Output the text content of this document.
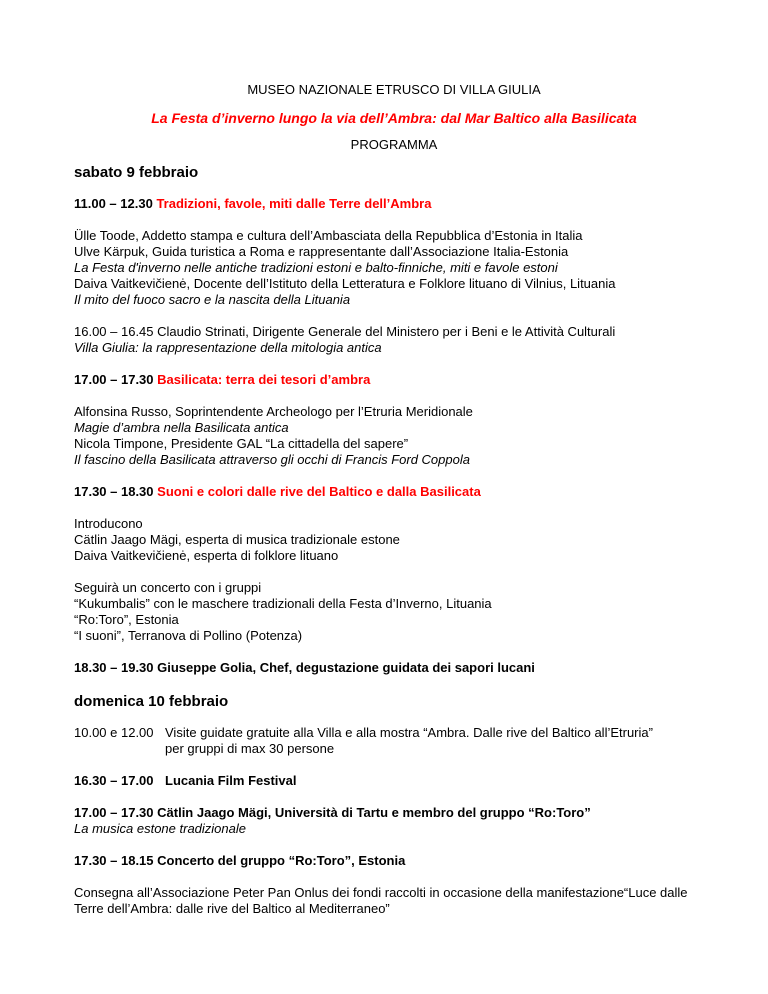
MUSEO NAZIONALE ETRUSCO DI VILLA GIULIA

La Festa d’inverno lungo la via dell’Ambra: dal Mar Baltico alla Basilicata

PROGRAMMA

sabato 9 febbraio

11.00 – 12.30 Tradizioni, favole, miti dalle Terre dell’Ambra

Ülle Toode, Addetto stampa e cultura dell’Ambasciata della Repubblica d’Estonia in Italia

Ulve Kärpuk, Guida turistica a Roma e rappresentante dall’Associazione Italia-Estonia

La Festa d'inverno nelle antiche tradizioni estoni e balto-finniche, miti e favole estoni

Daiva Vaitkevičienė, Docente dell’Istituto della Letteratura e Folklore lituano di Vilnius, Lituania

Il mito del fuoco sacro e la nascita della Lituania

16.00 – 16.45 Claudio Strinati, Dirigente Generale del Ministero per i Beni e le Attività Culturali

Villa Giulia: la rappresentazione della mitologia antica

17.00 – 17.30 Basilicata: terra dei tesori d’ambra

Alfonsina Russo, Soprintendente Archeologo per l’Etruria Meridionale

Magie d’ambra nella Basilicata antica

Nicola Timpone, Presidente GAL “La cittadella del sapere”

Il fascino della Basilicata attraverso gli occhi di Francis Ford Coppola

17.30 – 18.30 Suoni e colori dalle rive del Baltico e dalla Basilicata

Introducono

Cätlin Jaago Mägi, esperta di musica tradizionale estone

Daiva Vaitkevičienė, esperta di folklore lituano

Seguirà un concerto con i gruppi

“Kukumbalis” con le maschere tradizionali della Festa d’Inverno, Lituania

“Ro:Toro”, Estonia

“I suoni”, Terranova di Pollino (Potenza)

18.30 – 19.30 Giuseppe Golia, Chef, degustazione guidata dei sapori lucani

domenica 10 febbraio
10.00 e 12.00 Visite guidate gratuite alla Villa e alla mostra “Ambra. Dalle rive del Baltico all’Etruria”

per gruppi di max 30 persone

16.30 – 17.00 Lucania Film Festival

17.00 – 17.30 Cätlin Jaago Mägi, Università di Tartu e membro del gruppo “Ro:Toro”

La musica estone tradizionale

17.30 – 18.15 Concerto del gruppo “Ro:Toro”, Estonia

Consegna all’Associazione Peter Pan Onlus dei fondi raccolti in occasione della manifestazione“Luce dalle

Terre dell’Ambra: dalle rive del Baltico al Mediterraneo”
